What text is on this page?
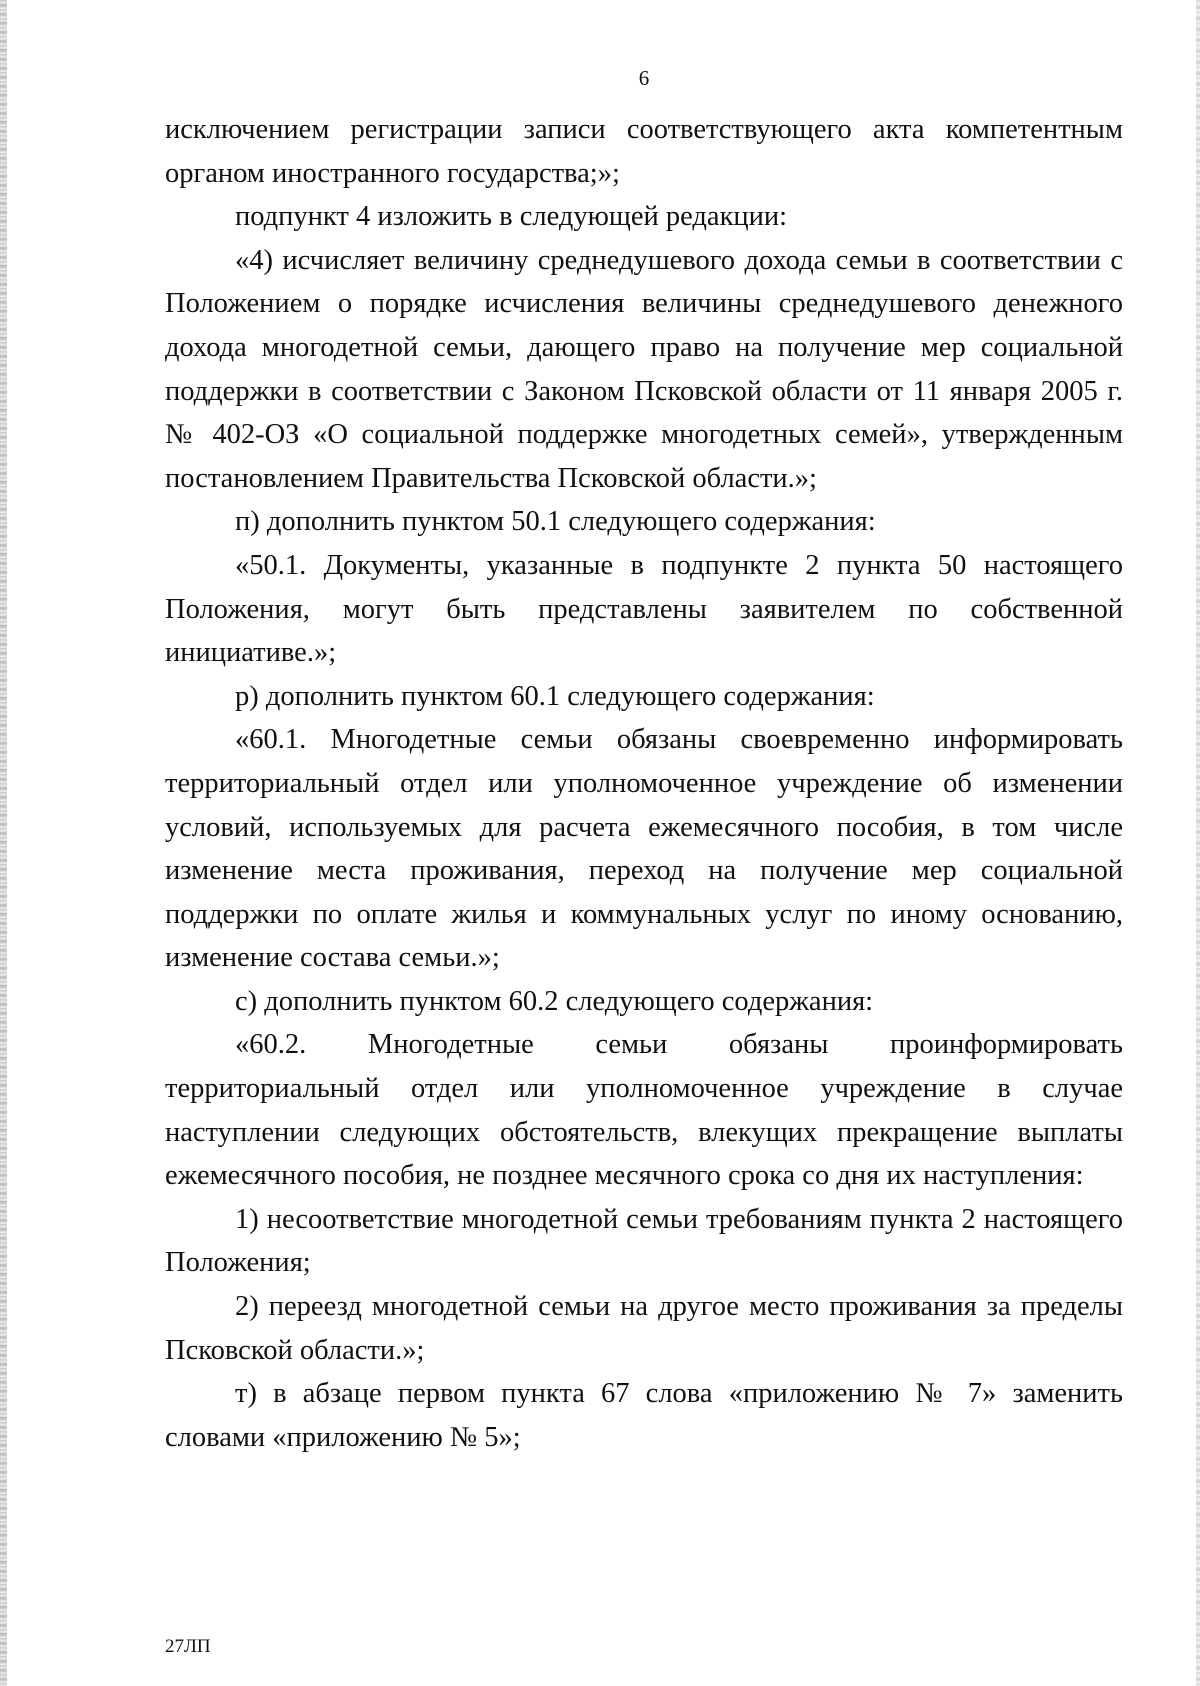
6

исключением регистрации записи соответствующего акта компетентным органом иностранного государства;»;

подпункт 4 изложить в следующей редакции:

«4) исчисляет величину среднедушевого дохода семьи в соответствии с Положением о порядке исчисления величины среднедушевого денежного дохода многодетной семьи, дающего право на получение мер социальной поддержки в соответствии с Законом Псковской области от 11 января 2005 г. № 402-ОЗ «О социальной поддержке многодетных семей», утвержденным постановлением Правительства Псковской области.»;

п) дополнить пунктом 50.1 следующего содержания:

«50.1. Документы, указанные в подпункте 2 пункта 50 настоящего Положения, могут быть представлены заявителем по собственной инициативе.»;

р) дополнить пунктом 60.1 следующего содержания:

«60.1. Многодетные семьи обязаны своевременно информировать территориальный отдел или уполномоченное учреждение об изменении условий, используемых для расчета ежемесячного пособия, в том числе изменение места проживания, переход на получение мер социальной поддержки по оплате жилья и коммунальных услуг по иному основанию, изменение состава семьи.»;

с) дополнить пунктом 60.2 следующего содержания:

«60.2. Многодетные семьи обязаны проинформировать территориальный отдел или уполномоченное учреждение в случае наступлении следующих обстоятельств, влекущих прекращение выплаты ежемесячного пособия, не позднее месячного срока со дня их наступления:

1) несоответствие многодетной семьи требованиям пункта 2 настоящего Положения;

2) переезд многодетной семьи на другое место проживания за пределы Псковской области.»;

т) в абзаце первом пункта 67 слова «приложению № 7» заменить словами «приложению № 5»;

27ЛП
